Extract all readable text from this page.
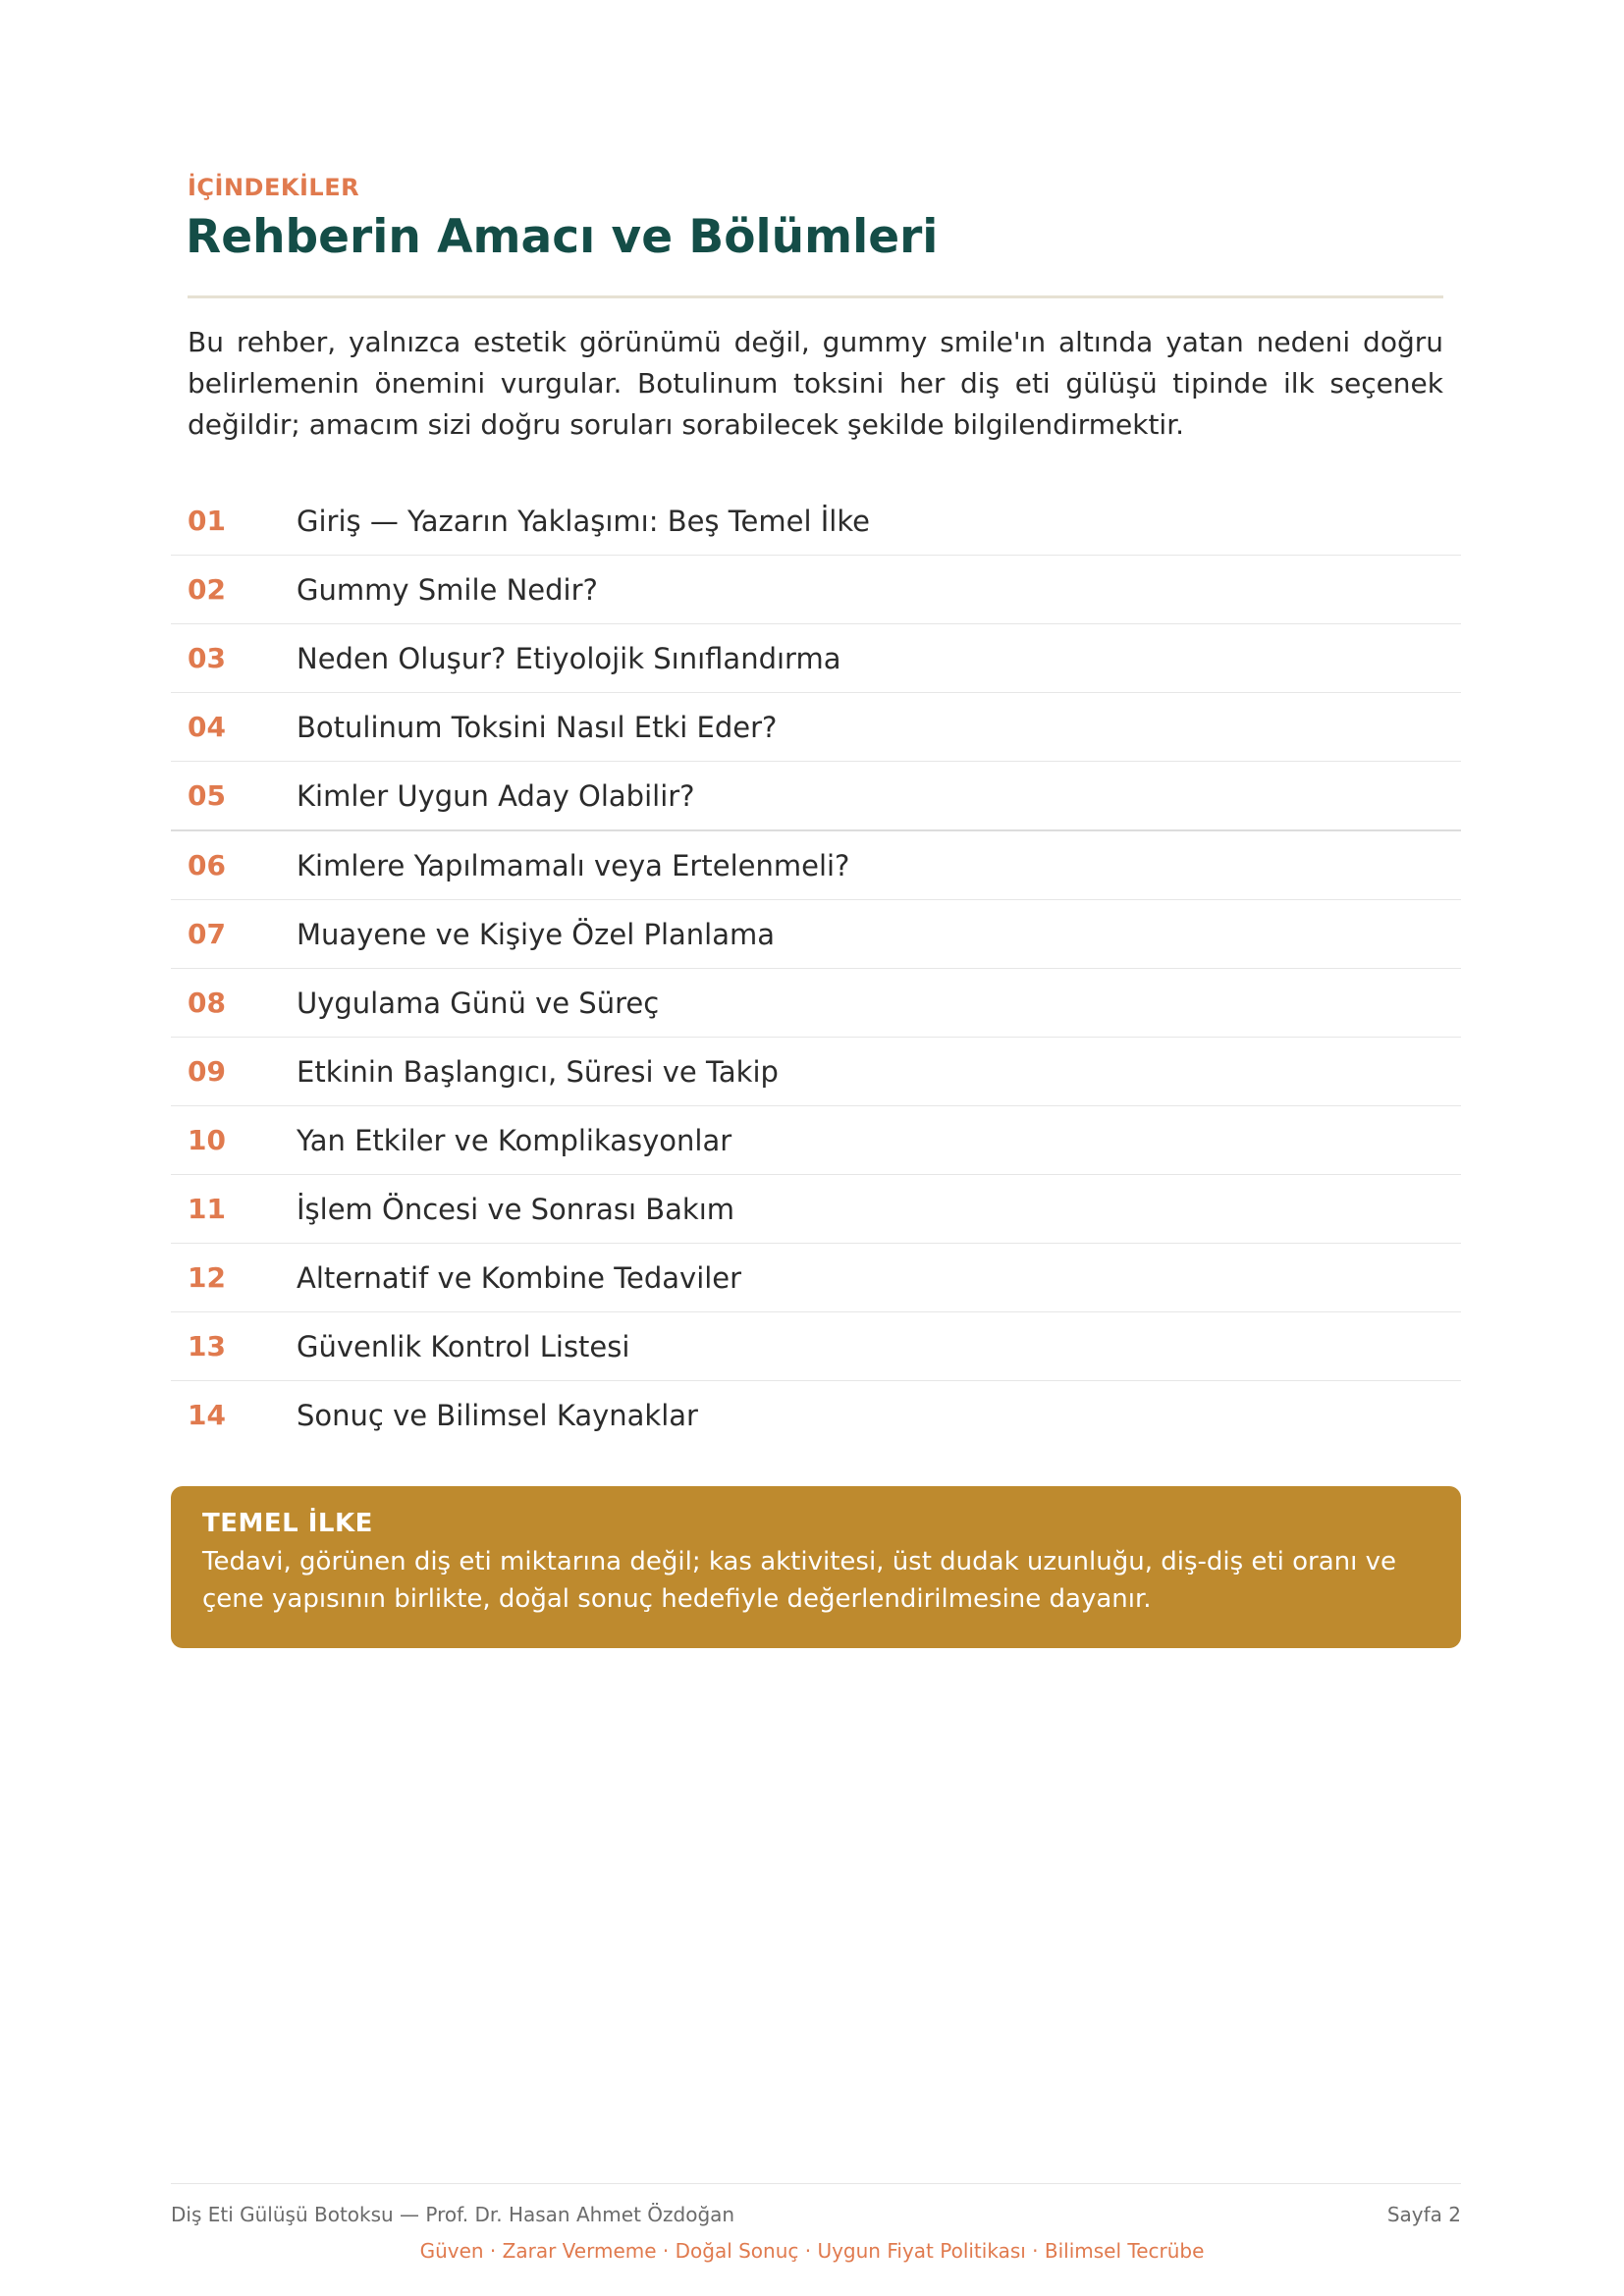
İÇİNDEKİLER
Rehberin Amacı ve Bölümleri

Bu rehber, yalnızca estetik görünümü değil, gummy smile'ın altında yatan nedeni doğru belirlemenin önemini vurgular. Botulinum toksini her diş eti gülüşü tipinde ilk seçenek değildir; amacım sizi doğru soruları sorabilecek şekilde bilgilendirmektir.

01 Giriş — Yazarın Yaklaşımı: Beş Temel İlke
02 Gummy Smile Nedir?
03 Neden Oluşur? Etiyolojik Sınıflandırma
04 Botulinum Toksini Nasıl Etki Eder?
05 Kimler Uygun Aday Olabilir?
06 Kimlere Yapılmamalı veya Ertelenmeli?
07 Muayene ve Kişiye Özel Planlama
08 Uygulama Günü ve Süreç
09 Etkinin Başlangıcı, Süresi ve Takip
10 Yan Etkiler ve Komplikasyonlar
11 İşlem Öncesi ve Sonrası Bakım
12 Alternatif ve Kombine Tedaviler
13 Güvenlik Kontrol Listesi
14 Sonuç ve Bilimsel Kaynaklar
TEMEL İLKE
Tedavi, görünen diş eti miktarına değil; kas aktivitesi, üst dudak uzunluğu, diş-diş eti oranı ve çene yapısının birlikte, doğal sonuç hedefiyle değerlendirilmesine dayanır.
Diş Eti Gülüşü Botoksu — Prof. Dr. Hasan Ahmet Özdoğan	Sayfa 2
Güven · Zarar Vermeme · Doğal Sonuç · Uygun Fiyat Politikası · Bilimsel Tecrübe
